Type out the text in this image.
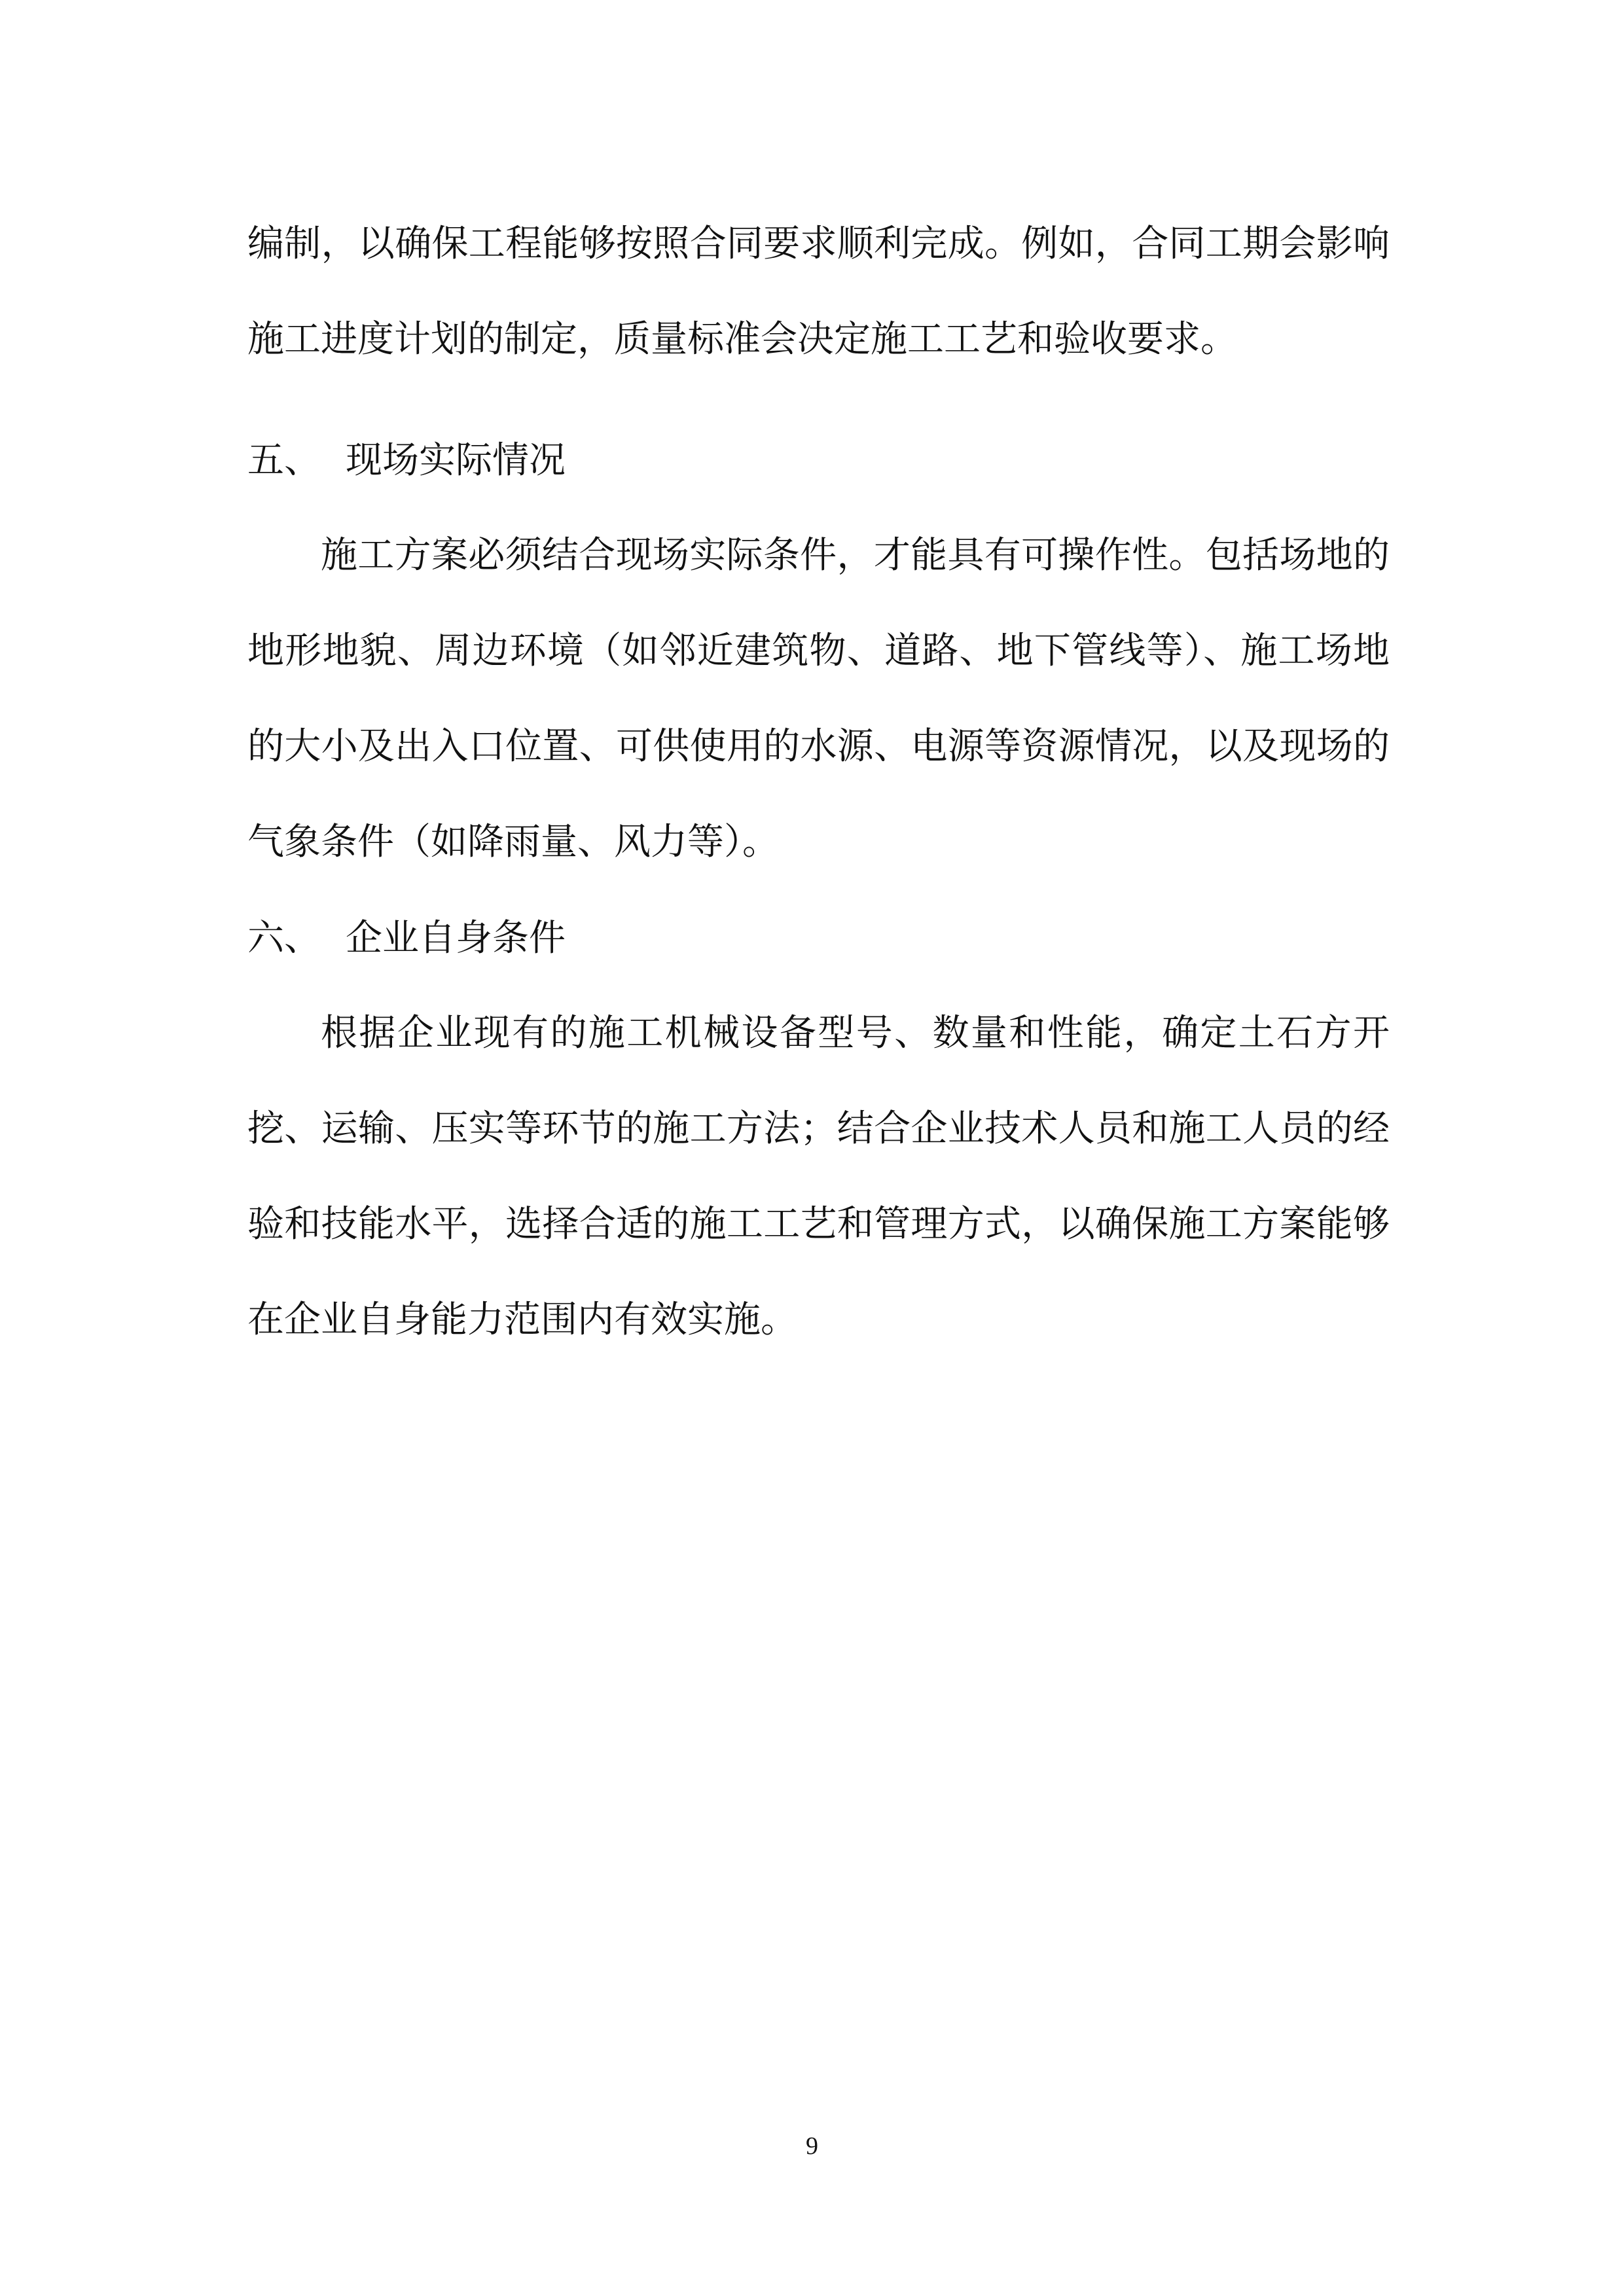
编制，以确保工程能够按照合同要求顺利完成。例如，合同工期会影响施工进度计划的制定，质量标准会决定施工工艺和验收要求。

五、 现场实际情况

施工方案必须结合现场实际条件，才能具有可操作性。包括场地的地形地貌、周边环境（如邻近建筑物、道路、地下管线等）、施工场地的大小及出入口位置、可供使用的水源、电源等资源情况，以及现场的气象条件（如降雨量、风力等）。

六、 企业自身条件

根据企业现有的施工机械设备型号、数量和性能，确定土石方开挖、运输、压实等环节的施工方法；结合企业技术人员和施工人员的经验和技能水平，选择合适的施工工艺和管理方式，以确保施工方案能够在企业自身能力范围内有效实施。

9
